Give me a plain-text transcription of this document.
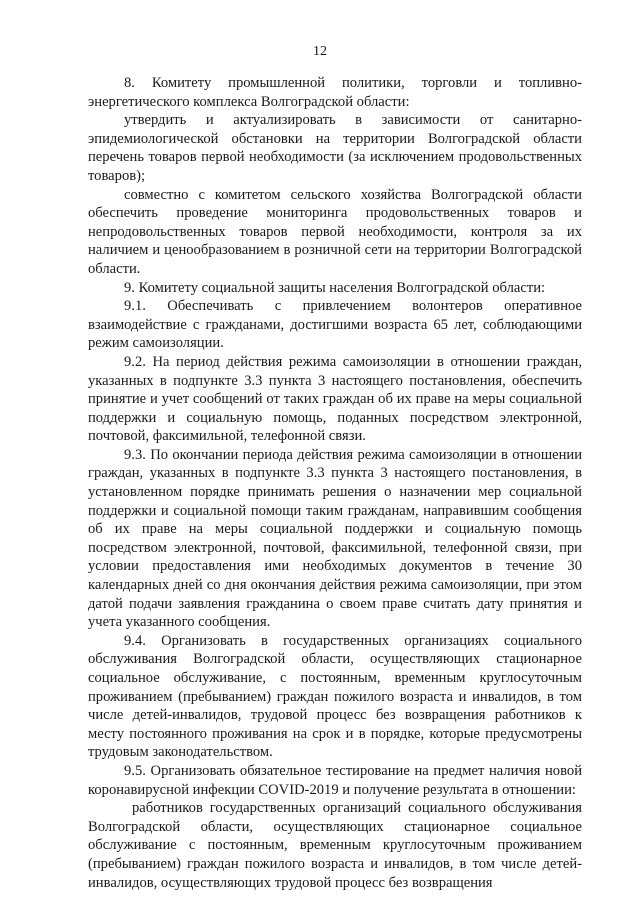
12

8. Комитету промышленной политики, торговли и топливно-энергетического комплекса Волгоградской области:

утвердить и актуализировать в зависимости от санитарно-эпидемиологической обстановки на территории Волгоградской области перечень товаров первой необходимости (за исключением продовольственных товаров);

совместно с комитетом сельского хозяйства Волгоградской области обеспечить проведение мониторинга продовольственных товаров и непродовольственных товаров первой необходимости, контроля за их наличием и ценообразованием в розничной сети на территории Волгоградской области.

9. Комитету социальной защиты населения Волгоградской области:

9.1. Обеспечивать с привлечением волонтеров оперативное взаимодействие с гражданами, достигшими возраста 65 лет, соблюдающими режим самоизоляции.

9.2. На период действия режима самоизоляции в отношении граждан, указанных в подпункте 3.3 пункта 3 настоящего постановления, обеспечить принятие и учет сообщений от таких граждан об их праве на меры социальной поддержки и социальную помощь, поданных посредством электронной, почтовой, факсимильной, телефонной связи.

9.3. По окончании периода действия режима самоизоляции в отношении граждан, указанных в подпункте 3.3 пункта 3 настоящего постановления, в установленном порядке принимать решения о назначении мер социальной поддержки и социальной помощи таким гражданам, направившим сообщения об их праве на меры социальной поддержки и социальную помощь посредством электронной, почтовой, факсимильной, телефонной связи, при условии предоставления ими необходимых документов в течение 30 календарных дней со дня окончания действия режима самоизоляции, при этом датой подачи заявления гражданина о своем праве считать дату принятия и учета указанного сообщения.

9.4. Организовать в государственных организациях социального обслуживания Волгоградской области, осуществляющих стационарное социальное обслуживание, с постоянным, временным круглосуточным проживанием (пребыванием) граждан пожилого возраста и инвалидов, в том числе детей-инвалидов, трудовой процесс без возвращения работников к месту постоянного проживания на срок и в порядке, которые предусмотрены трудовым законодательством.

9.5. Организовать обязательное тестирование на предмет наличия новой коронавирусной инфекции COVID-2019 и получение результата в отношении:

работников государственных организаций социального обслуживания Волгоградской области, осуществляющих стационарное социальное обслуживание с постоянным, временным круглосуточным проживанием (пребыванием) граждан пожилого возраста и инвалидов, в том числе детей-инвалидов, осуществляющих трудовой процесс без возвращения
